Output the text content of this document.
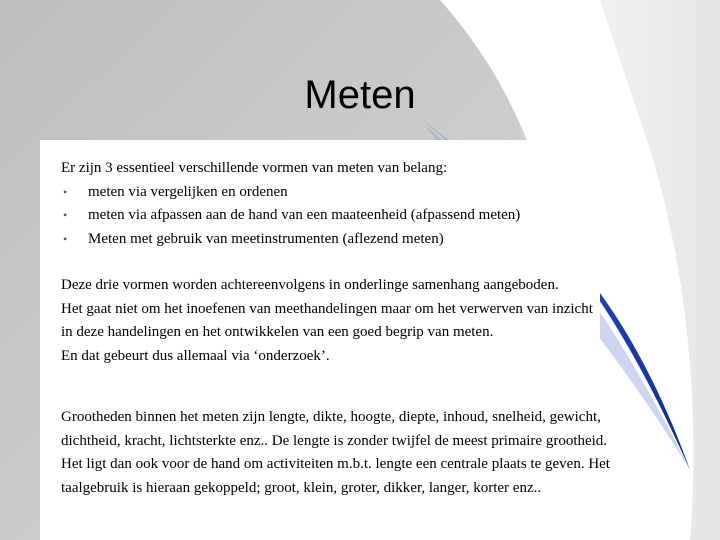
Meten
Er zijn 3 essentieel verschillende vormen van meten van belang:
•	meten via vergelijken en ordenen
•	meten via afpassen aan de hand van een maateenheid (afpassend meten)
•	Meten met gebruik van meetinstrumenten (aflezend meten)
Deze drie vormen worden achtereenvolgens in onderlinge samenhang aangeboden.
Het gaat niet om het inoefenen van meethandelingen maar om het verwerven van inzicht
in deze handelingen en het ontwikkelen van een goed begrip van meten.
En dat gebeurt dus allemaal via ‘onderzoek’.
Grootheden binnen het meten zijn lengte, dikte, hoogte, diepte, inhoud, snelheid, gewicht,
dichtheid, kracht, lichtsterkte enz.. De lengte is zonder twijfel de meest primaire grootheid.
Het ligt dan ook voor de hand om activiteiten m.b.t. lengte een centrale plaats te geven. Het
taalgebruik is hieraan gekoppeld; groot, klein, groter, dikker, langer, korter enz..
